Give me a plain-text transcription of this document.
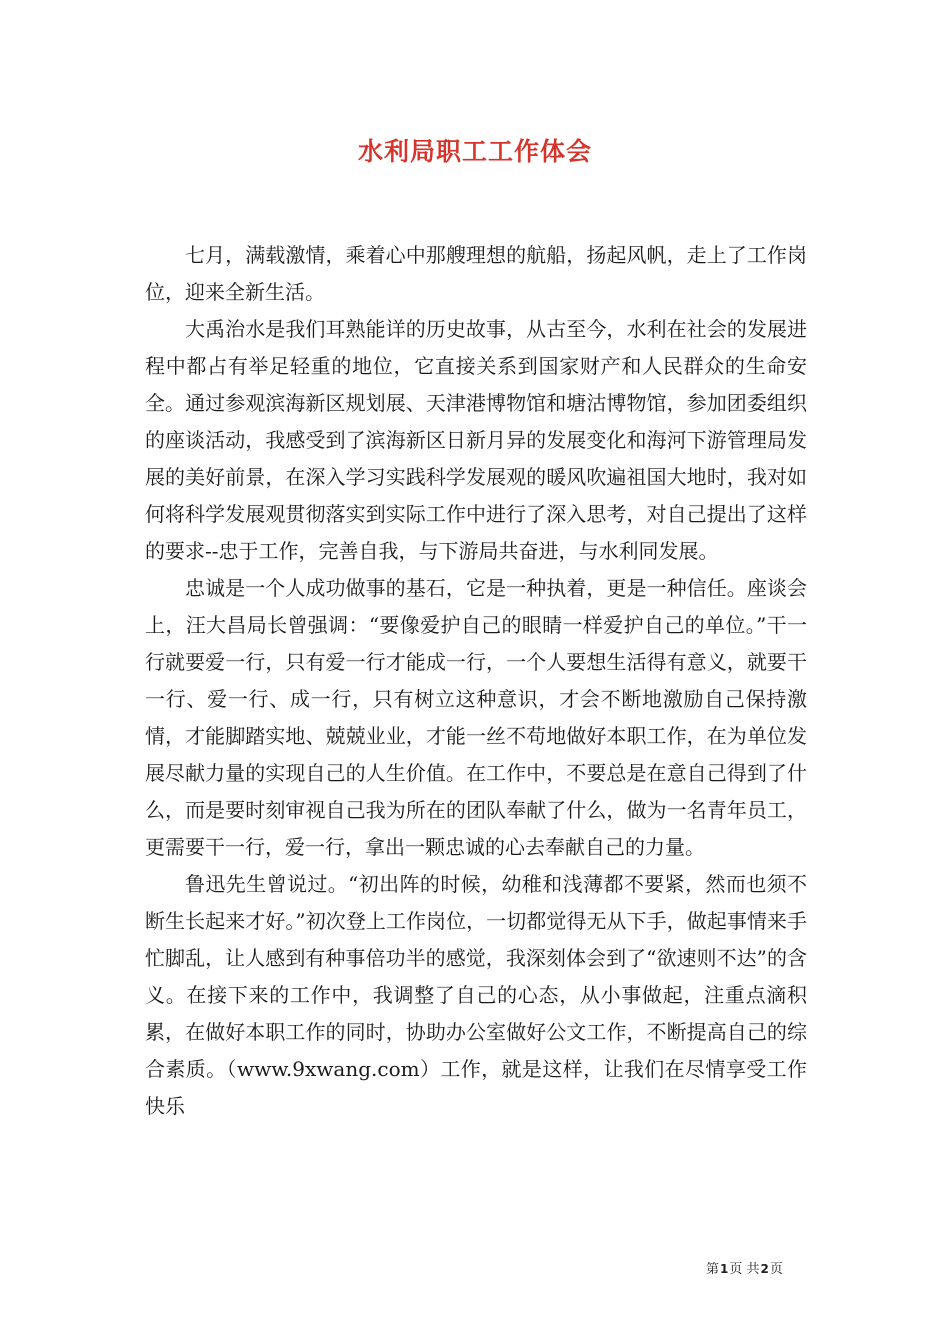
水利局职工工作体会

七月，满载激情，乘着心中那艘理想的航船，扬起风帆，走上了工作岗位，迎来全新生活。

大禹治水是我们耳熟能详的历史故事，从古至今，水利在社会的发展进程中都占有举足轻重的地位，它直接关系到国家财产和人民群众的生命安全。通过参观滨海新区规划展、天津港博物馆和塘沽博物馆，参加团委组织的座谈活动，我感受到了滨海新区日新月异的发展变化和海河下游管理局发展的美好前景，在深入学习实践科学发展观的暖风吹遍祖国大地时，我对如何将科学发展观贯彻落实到实际工作中进行了深入思考，对自己提出了这样的要求--忠于工作，完善自我，与下游局共奋进，与水利同发展。

忠诚是一个人成功做事的基石，它是一种执着，更是一种信任。座谈会上，汪大昌局长曾强调：“要像爱护自己的眼睛一样爱护自己的单位。”干一行就要爱一行，只有爱一行才能成一行，一个人要想生活得有意义，就要干一行、爱一行、成一行，只有树立这种意识，才会不断地激励自己保持激情，才能脚踏实地、兢兢业业，才能一丝不苟地做好本职工作，在为单位发展尽献力量的实现自己的人生价值。在工作中，不要总是在意自己得到了什么，而是要时刻审视自己我为所在的团队奉献了什么，做为一名青年员工，更需要干一行，爱一行，拿出一颗忠诚的心去奉献自己的力量。

鲁迅先生曾说过。“初出阵的时候，幼稚和浅薄都不要紧，然而也须不断生长起来才好。”初次登上工作岗位，一切都觉得无从下手，做起事情来手忙脚乱，让人感到有种事倍功半的感觉，我深刻体会到了“欲速则不达”的含义。在接下来的工作中，我调整了自己的心态，从小事做起，注重点滴积累，在做好本职工作的同时，协助办公室做好公文工作，不断提高自己的综合素质。（www.9xwang.com）工作，就是这样，让我们在尽情享受工作快乐

第1页 共2页
